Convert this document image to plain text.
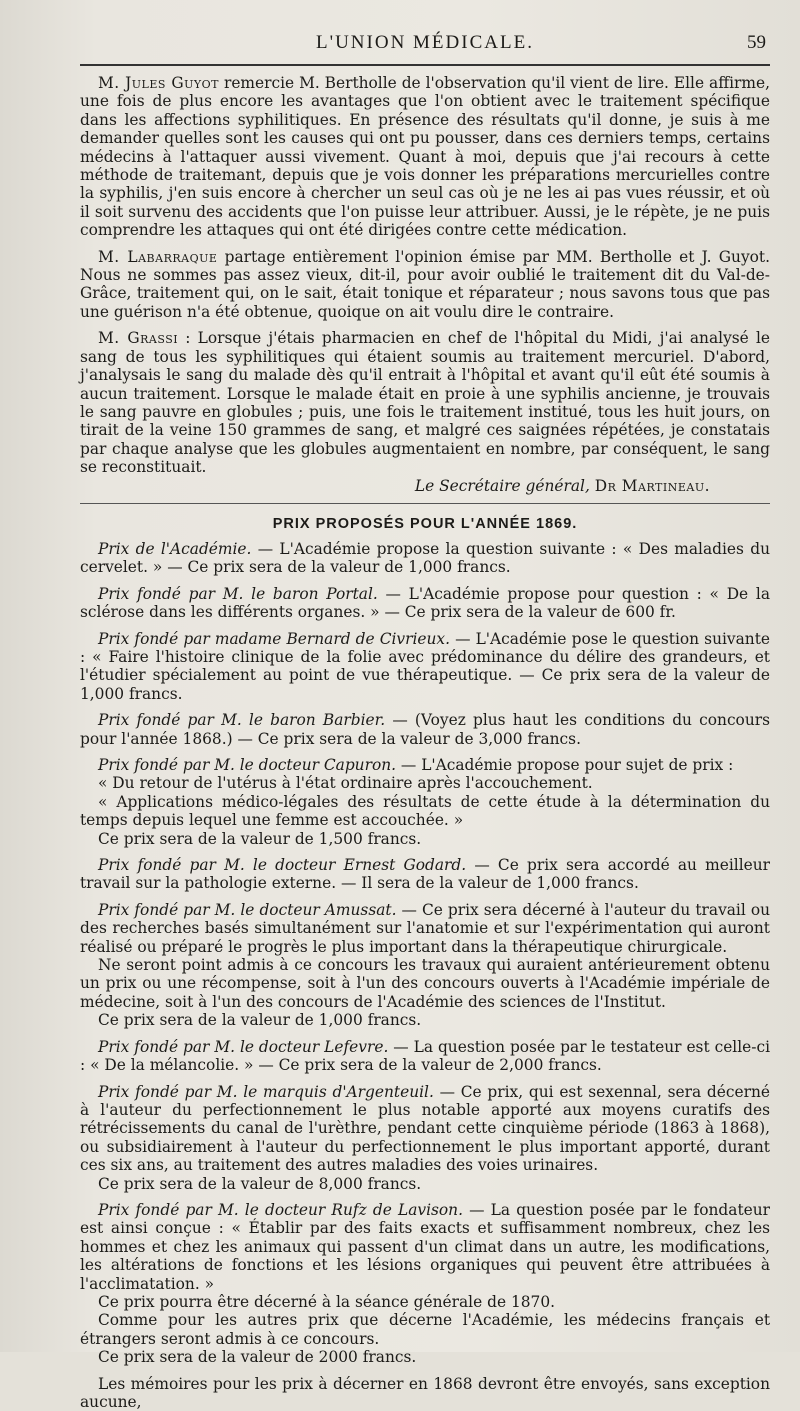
L'UNION MÉDICALE.	59

M. Jules Guyot remercie M. Bertholle de l'observation qu'il vient de lire. Elle affirme, une fois de plus encore les avantages que l'on obtient avec le traitement spécifique dans les affections syphilitiques. En présence des résultats qu'il donne, je suis à me demander quelles sont les causes qui ont pu pousser, dans ces derniers temps, certains médecins à l'attaquer aussi vivement. Quant à moi, depuis que j'ai recours à cette méthode de traitemant, depuis que je vois donner les préparations mercurielles contre la syphilis, j'en suis encore à chercher un seul cas où je ne les ai pas vues réussir, et où il soit survenu des accidents que l'on puisse leur attribuer. Aussi, je le répète, je ne puis comprendre les attaques qui ont été dirigées contre cette médication.

M. Labarraque partage entièrement l'opinion émise par MM. Bertholle et J. Guyot. Nous ne sommes pas assez vieux, dit-il, pour avoir oublié le traitement dit du Val-de-Grâce, traitement qui, on le sait, était tonique et réparateur ; nous savons tous que pas une guérison n'a été obtenue, quoique on ait voulu dire le contraire.

M. Grassi : Lorsque j'étais pharmacien en chef de l'hôpital du Midi, j'ai analysé le sang de tous les syphilitiques qui étaient soumis au traitement mercuriel. D'abord, j'analysais le sang du malade dès qu'il entrait à l'hôpital et avant qu'il eût été soumis à aucun traitement. Lorsque le malade était en proie à une syphilis ancienne, je trouvais le sang pauvre en globules ; puis, une fois le traitement institué, tous les huit jours, on tirait de la veine 150 grammes de sang, et malgré ces saignées répétées, je constatais par chaque analyse que les globules augmentaient en nombre, par conséquent, le sang se reconstituait.

Le Secrétaire général, Dr Martineau.
PRIX PROPOSÉS POUR L'ANNÉE 1869.

Prix de l'Académie. — L'Académie propose la question suivante : « Des maladies du cervelet. » — Ce prix sera de la valeur de 1,000 francs.

Prix fondé par M. le baron Portal. — L'Académie propose pour question : « De la sclérose dans les différents organes. » — Ce prix sera de la valeur de 600 fr.

Prix fondé par madame Bernard de Civrieux. — L'Académie pose le question suivante : « Faire l'histoire clinique de la folie avec prédominance du délire des grandeurs, et l'étudier spécialement au point de vue thérapeutique. — Ce prix sera de la valeur de 1,000 francs.

Prix fondé par M. le baron Barbier. — (Voyez plus haut les conditions du concours pour l'année 1868.) — Ce prix sera de la valeur de 3,000 francs.

Prix fondé par M. le docteur Capuron. — L'Académie propose pour sujet de prix :

« Du retour de l'utérus à l'état ordinaire après l'accouchement.

« Applications médico-légales des résultats de cette étude à la détermination du temps depuis lequel une femme est accouchée. »

Ce prix sera de la valeur de 1,500 francs.

Prix fondé par M. le docteur Ernest Godard. — Ce prix sera accordé au meilleur travail sur la pathologie externe. — Il sera de la valeur de 1,000 francs.

Prix fondé par M. le docteur Amussat. — Ce prix sera décerné à l'auteur du travail ou des recherches basés simultanément sur l'anatomie et sur l'expérimentation qui auront réalisé ou préparé le progrès le plus important dans la thérapeutique chirurgicale.

Ne seront point admis à ce concours les travaux qui auraient antérieurement obtenu un prix ou une récompense, soit à l'un des concours ouverts à l'Académie impériale de médecine, soit à l'un des concours de l'Académie des sciences de l'Institut.

Ce prix sera de la valeur de 1,000 francs.

Prix fondé par M. le docteur Lefevre. — La question posée par le testateur est celle-ci : « De la mélancolie. » — Ce prix sera de la valeur de 2,000 francs.

Prix fondé par M. le marquis d'Argenteuil. — Ce prix, qui est sexennal, sera décerné à l'auteur du perfectionnement le plus notable apporté aux moyens curatifs des rétrécissements du canal de l'urèthre, pendant cette cinquième période (1863 à 1868), ou subsidiairement à l'auteur du perfectionnement le plus important apporté, durant ces six ans, au traitement des autres maladies des voies urinaires.

Ce prix sera de la valeur de 8,000 francs.

Prix fondé par M. le docteur Rufz de Lavison. — La question posée par le fondateur est ainsi conçue : « Établir par des faits exacts et suffisamment nombreux, chez les hommes et chez les animaux qui passent d'un climat dans un autre, les modifications, les altérations de fonctions et les lésions organiques qui peuvent être attribuées à l'acclimatation. »

Ce prix pourra être décerné à la séance générale de 1870.

Comme pour les autres prix que décerne l'Académie, les médecins français et étrangers seront admis à ce concours.

Ce prix sera de la valeur de 2000 francs.

Les mémoires pour les prix à décerner en 1868 devront être envoyés, sans exception aucune,
